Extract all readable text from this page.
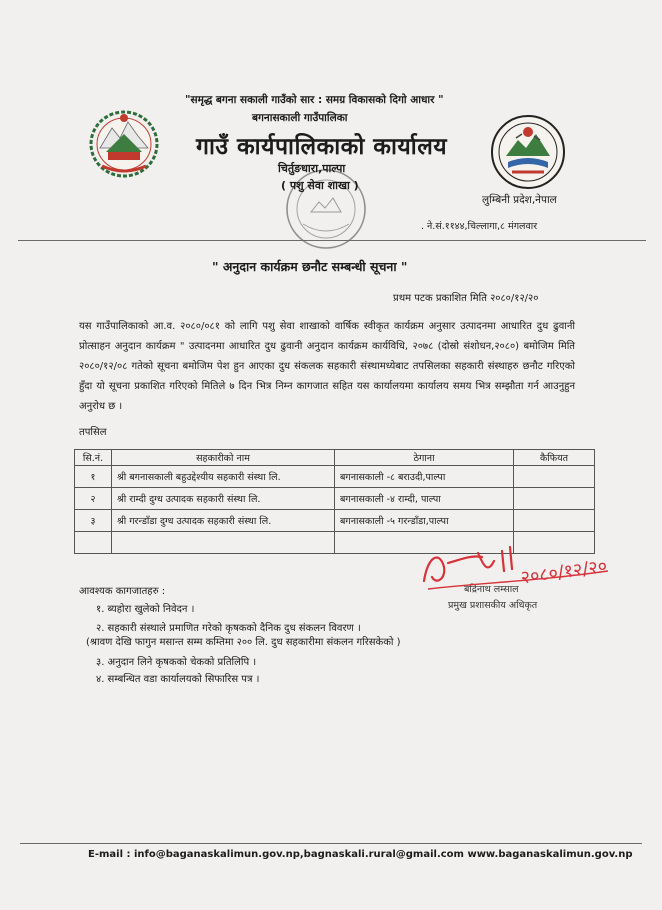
"समृद्ध बगना सकाली गाउँको सार : समग्र विकासको दिगो आधार "
बगनासकाली गाउँपालिका
गाउँ कार्यपालिकाको कार्यालय
चिर्तुङधारा,पाल्पा
( पशु सेवा शाखा )
लुम्बिनी प्रदेश,नेपाल
. ने.सं.११४४,चिल्लागा,८ मंगलवार
" अनुदान कार्यक्रम छनौट सम्बन्धी सूचना "
प्रथम पटक प्रकाशित मिति २०८०/१२/२०
यस गाउँपालिकाको आ.व. २०८०/०८१ को लागि पशु सेवा शाखाको वार्षिक स्वीकृत कार्यक्रम अनुसार उत्पादनमा आधारित दुध ढुवानी प्रोत्साहन अनुदान कार्यक्रम " उत्पादनमा आधारित दुध ढुवानी अनुदान कार्यक्रम कार्यविधि, २०७८ (दोस्रो संशोधन,२०८०) बमोजिम मिति २०८०/१२/०८ गतेको सूचना बमोजिम पेश हुन आएका दुध संकलक सहकारी संस्थामध्येबाट तपसिलका सहकारी संस्थाहरु छनौट गरिएको हुँदा यो सूचना प्रकाशित गरिएको मितिले ७ दिन भित्र निम्न कागजात सहित यस कार्यालयमा कार्यालय समय भित्र सम्झौता गर्न आउनुहुन अनुरोध छ ।
तपसिल
सि.नं.	सहकारीको नाम	ठेगाना	कैफियत
१	श्री बगनासकाली बहुउद्देश्यीय सहकारी संस्था लि.	बगनासकाली -८ बराउदी,पाल्पा	
२	श्री राम्दी दुग्ध उत्पादक सहकारी संस्था लि.	बगनासकाली -४ राम्दी, पाल्पा	
३	श्री गरन्डाँडा दुग्ध उत्पादक सहकारी संस्था लि.	बगनासकाली -५ गरन्डाँडा,पाल्पा	

बद्रिनाथ लम्साल
प्रमुख प्रशासकीय अधिकृत
२०८०/१२/२०
आवश्यक कागजातहरु :
१. ब्यहोरा खुलेको निवेदन ।
२. सहकारी संस्थाले प्रमाणित गरेको कृषकको दैनिक दुध संकलन विवरण ।
(श्रावण देखि फागुन मसान्त सम्म कम्तिमा २०० लि. दुध सहकारीमा संकलन गरिसकेको )
३. अनुदान लिने कृषकको चेकको प्रतिलिपि ।
४. सम्बन्धित वडा कार्यालयको सिफारिस पत्र ।
E-mail : info@baganaskalimun.gov.np,bagnaskali.rural@gmail.com www.baganaskalimun.gov.np
